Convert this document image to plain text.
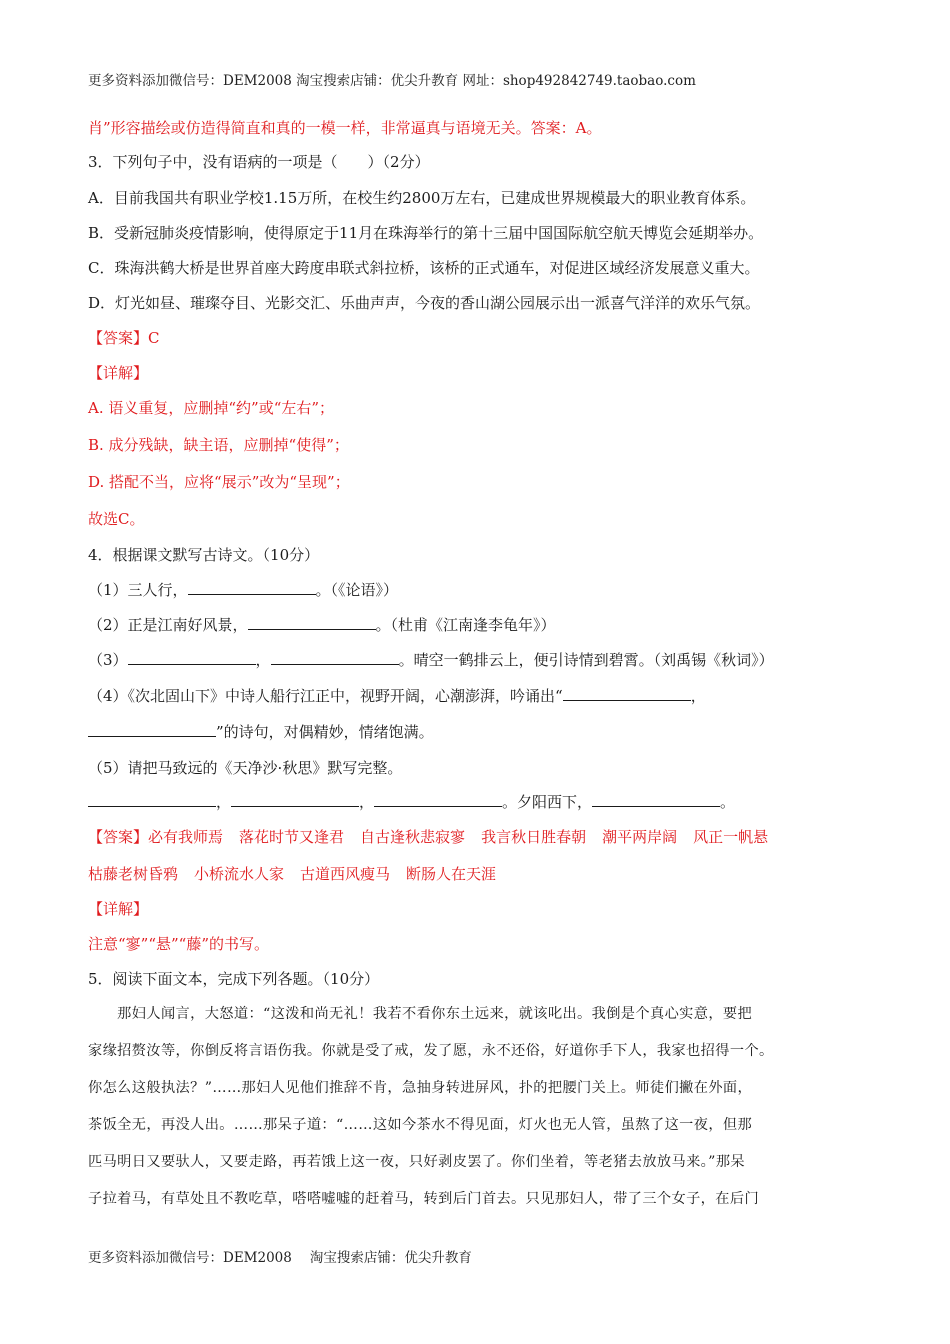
更多资料添加微信号：DEM2008 淘宝搜索店铺：优尖升教育 网址：shop492842749.taobao.com
肖”形容描绘或仿造得简直和真的一模一样，非常逼真与语境无关。答案：A。
3．下列句子中，没有语病的一项是（　　）（2分）
A．目前我国共有职业学校1.15万所，在校生约2800万左右，已建成世界规模最大的职业教育体系。
B．受新冠肺炎疫情影响，使得原定于11月在珠海举行的第十三届中国国际航空航天博览会延期举办。
C．珠海洪鹤大桥是世界首座大跨度串联式斜拉桥，该桥的正式通车，对促进区域经济发展意义重大。
D．灯光如昼、璀璨夺目、光影交汇、乐曲声声，今夜的香山湖公园展示出一派喜气洋洋的欢乐气氛。
【答案】C
【详解】
A. 语义重复，应删掉“约”或“左右”；
B. 成分残缺，缺主语，应删掉“使得”；
D. 搭配不当，应将“展示”改为“呈现”；
故选C。
4．根据课文默写古诗文。（10分）
（1）三人行，	。（《论语》）
（2）正是江南好风景，	。（杜甫《江南逢李龟年》）
（3）	，	。晴空一鹤排云上，便引诗情到碧霄。（刘禹锡《秋词》）
（4）《次北固山下》中诗人船行江正中，视野开阔，心潮澎湃，吟诵出“	，
”的诗句，对偶精妙，情绪饱满。
（5）请把马致远的《天净沙·秋思》默写完整。
，	，	。夕阳西下，	。
【答案】必有我师焉 落花时节又逢君 自古逢秋悲寂寥 我言秋日胜春朝 潮平两岸阔 风正一帆悬
枯藤老树昏鸦 小桥流水人家 古道西风瘦马 断肠人在天涯
【详解】
注意“寥”“悬”“藤”的书写。
5．阅读下面文本，完成下列各题。（10分）
　　那妇人闻言，大怒道：“这泼和尚无礼！我若不看你东土远来，就该叱出。我倒是个真心实意，要把
家缘招赘汝等，你倒反将言语伤我。你就是受了戒，发了愿，永不还俗，好道你手下人，我家也招得一个。
你怎么这般执法？”……那妇人见他们推辞不肯，急抽身转进屏风，扑的把腰门关上。师徒们撇在外面，
茶饭全无，再没人出。……那呆子道：“……这如今茶水不得见面，灯火也无人管，虽熬了这一夜，但那
匹马明日又要驮人，又要走路，再若饿上这一夜，只好剥皮罢了。你们坐着，等老猪去放放马来。”那呆
子拉着马，有草处且不教吃草，嗒嗒嘘嘘的赶着马，转到后门首去。只见那妇人，带了三个女子，在后门
更多资料添加微信号：DEM2008 淘宝搜索店铺：优尖升教育
